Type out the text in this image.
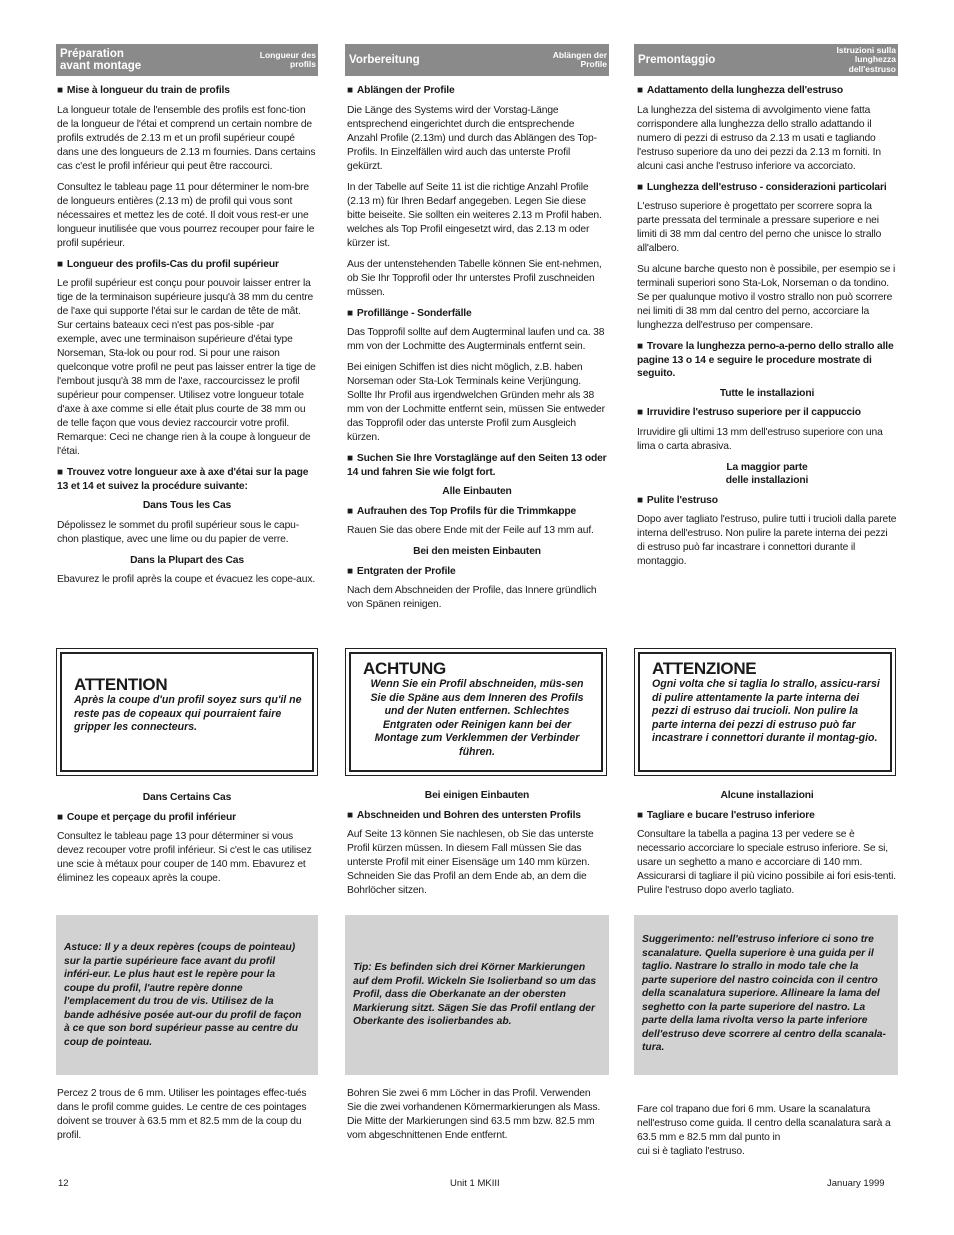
Préparation
avant montage
Longueur des
profils	Vorbereitung	Ablängen der
Profile	Premontaggio
Istruzioni sulla
lunghezza
dell'estruso
■ Mise à longueur du train de profils

La longueur totale de l'ensemble des profils est fonc-tion de la longueur de l'étai et comprend un certain nombre de profils extrudés de 2.13 m et un profil supérieur coupé dans une des longueurs de 2.13 m fournies. Dans certains cas c'est le profil inférieur qui peut être raccourci.

Consultez le tableau page 11 pour déterminer le nom-bre de longueurs entières (2.13 m) de profil qui vous sont nécessaires et mettez les de coté. Il doit vous rest-er une longueur inutilisée que vous pourrez recouper pour faire le profil supérieur.

■ Longueur des profils-Cas du profil supérieur

Le profil supérieur est conçu pour pouvoir laisser entrer la tige de la terminaison supérieure jusqu'à 38 mm du centre de l'axe qui supporte l'étai sur le cardan de tête de mât. Sur certains bateaux ceci n'est pas pos-sible -par exemple, avec une terminaison supérieure d'étai type Norseman, Sta-lok ou pour rod. Si pour une raison quelconque votre profil ne peut pas laisser entrer la tige de l'embout jusqu'à 38 mm de l'axe, raccourcissez le profil supérieur pour compenser. Utilisez votre longueur totale d'axe à axe comme si elle était plus courte de 38 mm ou de telle façon que vous deviez raccourcir votre profil. Remarque: Ceci ne change rien à la coupe à longueur de l'étai.

■ Trouvez votre longueur axe à axe d'étai sur la page 13 et 14 et suivez la procédure suivante:
Dans Tous les Cas

Dépolissez le sommet du profil supérieur sous le capu-chon plastique, avec une lime ou du papier de verre.

Dans la Plupart des Cas

Ebavurez le profil après la coupe et évacuez les cope-aux.

■ Ablängen der Profile

Die Länge des Systems wird der Vorstag-Länge entsprechend eingerichtet durch die entsprechende Anzahl Profile (2.13m) und durch das Ablängen des Top-Profils. In Einzelfällen wird auch das unterste Profil gekürzt.

In der Tabelle auf Seite 11 ist die richtige Anzahl Profile (2.13 m) für Ihren Bedarf angegeben. Legen Sie diese bitte beiseite. Sie sollten ein weiteres 2.13 m Profil haben. welches als Top Profil eingesetzt wird, das 2.13 m oder kürzer ist.

Aus der untenstehenden Tabelle können Sie ent-nehmen, ob Sie Ihr Topprofil oder Ihr unterstes Profil zuschneiden müssen.

■ Profillänge - Sonderfälle

Das Topprofil sollte auf dem Augterminal laufen und ca. 38 mm von der Lochmitte des Augterminals entfernt sein.

Bei einigen Schiffen ist dies nicht möglich, z.B. haben Norseman oder Sta-Lok Terminals keine Verjüngung. Sollte Ihr Profil aus irgendwelchen Gründen mehr als 38 mm von der Lochmitte entfernt sein, müssen Sie entweder das Topprofil oder das unterste Profil zum Ausgleich kürzen.

■ Suchen Sie Ihre Vorstaglänge auf den Seiten 13 oder 14 und fahren Sie wie folgt fort.
Alle Einbauten
■ Aufrauhen des Top Profils für die Trimmkappe

Rauen Sie das obere Ende mit der Feile auf 13 mm auf.

Bei den meisten Einbauten
■ Entgraten der Profile

Nach dem Abschneiden der Profile, das Innere gründlich von Spänen reinigen.

■ Adattamento della lunghezza dell'estruso

La lunghezza del sistema di avvolgimento viene fatta corrispondere alla lunghezza dello strallo adattando il numero di pezzi di estruso da 2.13 m usati e tagliando l'estruso superiore da uno dei pezzi da 2.13 m forniti. In alcuni casi anche l'estruso inferiore va accorciato.

■ Lunghezza dell'estruso - considerazioni particolari

L'estruso superiore è progettato per scorrere sopra la parte pressata del terminale a pressare superiore e nei limiti di 38 mm dal centro del perno che unisce lo strallo all'albero.

Su alcune barche questo non è possibile, per esempio se i terminali superiori sono Sta-Lok, Norseman o da tondino. Se per qualunque motivo il vostro strallo non può scorrere nei limiti di 38 mm dal centro del perno, accorciare la lunghezza dell'estruso per compensare.

■ Trovare la lunghezza perno-a-perno dello strallo alle pagine 13 o 14 e seguire le procedure mostrate di seguito.
Tutte le installazioni
■ Irruvidire l'estruso superiore per il cappuccio

Irruvidire gli ultimi 13 mm dell'estruso superiore con una lima o carta abrasiva.

La maggior parte
delle installazioni
■ Pulite l'estruso

Dopo aver tagliato l'estruso, pulire tutti i trucioli dalla parete interna dell'estruso. Non pulire la parete interna dei pezzi di estruso può far incastrare i connettori durante il montaggio.

ATTENTION
Après la coupe d'un profil soyez surs qu'il ne reste pas de copeaux qui pourraient faire gripper les connecteurs.
ACHTUNG
Wenn Sie ein Profil abschneiden, müs-sen Sie die Späne aus dem Inneren des Profils und der Nuten entfernen. Schlechtes Entgraten oder Reinigen kann bei der Montage zum Verklemmen der Verbinder führen.
ATTENZIONE
Ogni volta che si taglia lo strallo, assicu-rarsi di pulire attentamente la parte interna dei pezzi di estruso dai trucioli. Non pulire la parte interna dei pezzi di estruso può far incastrare i connettori durante il montag-gio.
Dans Certains Cas
■ Coupe et perçage du profil inférieur

Consultez le tableau page 13 pour déterminer si vous devez recouper votre profil inférieur. Si c'est le cas utilisez une scie à métaux pour couper de 140 mm. Ebavurez et éliminez les copeaux après la coupe.

Bei einigen Einbauten
■ Abschneiden und Bohren des untersten Profils

Auf Seite 13 können Sie nachlesen, ob Sie das unterste Profil kürzen müssen. In diesem Fall müssen Sie das unterste Profil mit einer Eisensäge um 140 mm kürzen. Schneiden Sie das Profil an dem Ende ab, an dem die Bohrlöcher sitzen.

Alcune installazioni
■ Tagliare e bucare l'estruso inferiore

Consultare la tabella a pagina 13 per vedere se è necessario accorciare lo speciale estruso inferiore. Se si, usare un seghetto a mano e accorciare di 140 mm. Assicurarsi di tagliare il più vicino possibile ai fori esis-tenti. Pulire l'estruso dopo averlo tagliato.

Astuce: Il y a deux repères (coups de pointeau) sur la partie supérieure face avant du profil inféri-eur. Le plus haut est le repère pour la coupe du profil, l'autre repère donne l'emplacement du trou de vis. Utilisez de la bande adhésive posée aut-our du profil de façon à ce que son bord supérieur passe au centre du coup de pointeau.
Tip: Es befinden sich drei Körner Markierungen auf dem Profil. Wickeln Sie Isolierband so um das Profil, dass die Oberkanate an der obersten Markierung sitzt. Sägen Sie das Profil entlang der Oberkante des isolierbandes ab.
Suggerimento: nell'estruso inferiore ci sono tre scanalature. Quella superiore è una guida per il taglio. Nastrare lo strallo in modo tale che la parte superiore del nastro coincida con il centro della scanalatura superiore. Allineare la lama del seghetto con la parte superiore del nastro. La parte della lama rivolta verso la parte inferiore dell'estruso deve scorrere al centro della scanala-tura.

Percez 2 trous de 6 mm. Utiliser les pointages effec-tués dans le profil comme guides. Le centre de ces pointages doivent se trouver à 63.5 mm et 82.5 mm de la coup du profil.

Bohren Sie zwei 6 mm Löcher in das Profil. Verwenden Sie die zwei vorhandenen Körnermarkierungen als Mass. Die Mitte der Markierungen sind 63.5 mm bzw. 82.5 mm vom abgeschnittenen Ende entfernt.

Fare col trapano due fori 6 mm. Usare la scanalatura nell'estruso come guida. Il centro della scanalatura sarà a 63.5 mm e 82.5 mm dal punto in
cui si è tagliato l'estruso.

12	Unit 1 MKIII	January 1999
